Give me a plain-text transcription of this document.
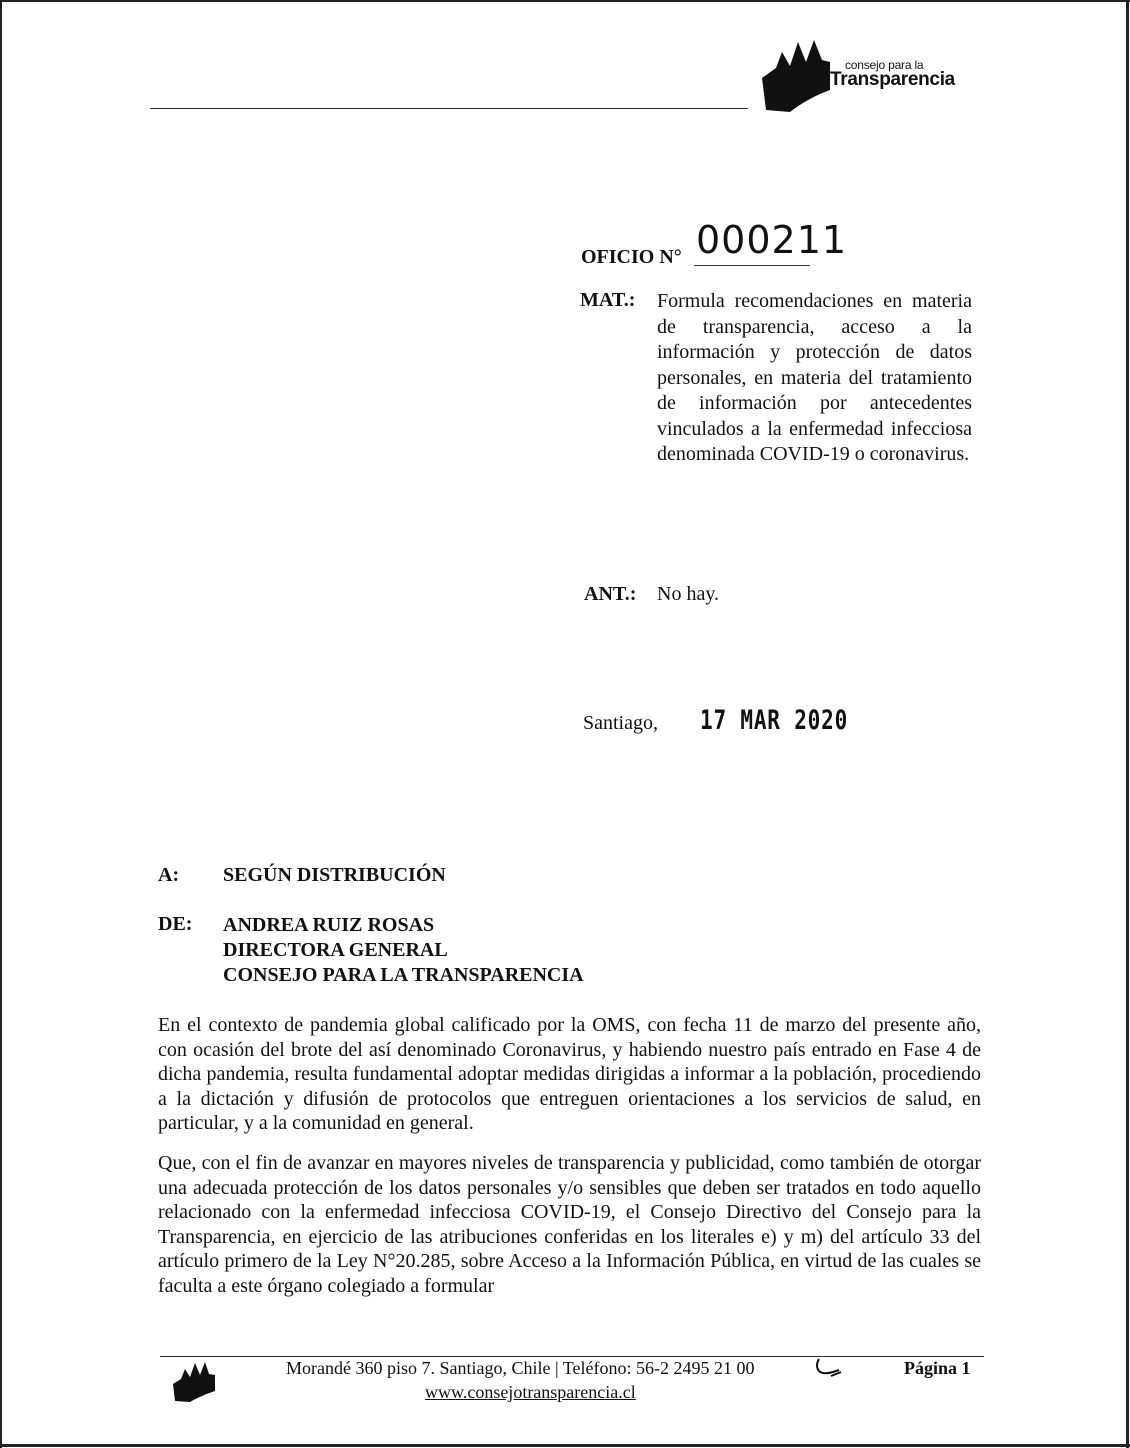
consejo para la
Transparencia
OFICIO N° 000211
MAT.: Formula recomendaciones en materia de transparencia, acceso a la información y protección de datos personales, en materia del tratamiento de información por antecedentes vinculados a la enfermedad infecciosa denominada COVID-19 o coronavirus.
ANT.: No hay.
Santiago, 17 MAR 2020
A: SEGÚN DISTRIBUCIÓN
DE: ANDREA RUIZ ROSAS
DIRECTORA GENERAL
CONSEJO PARA LA TRANSPARENCIA
En el contexto de pandemia global calificado por la OMS, con fecha 11 de marzo del presente año, con ocasión del brote del así denominado Coronavirus, y habiendo nuestro país entrado en Fase 4 de dicha pandemia, resulta fundamental adoptar medidas dirigidas a informar a la población, procediendo a la dictación y difusión de protocolos que entreguen orientaciones a los servicios de salud, en particular, y a la comunidad en general.
Que, con el fin de avanzar en mayores niveles de transparencia y publicidad, como también de otorgar una adecuada protección de los datos personales y/o sensibles que deben ser tratados en todo aquello relacionado con la enfermedad infecciosa COVID-19, el Consejo Directivo del Consejo para la Transparencia, en ejercicio de las atribuciones conferidas en los literales e) y m) del artículo 33 del artículo primero de la Ley N°20.285, sobre Acceso a la Información Pública, en virtud de las cuales se faculta a este órgano colegiado a formular
Morandé 360 piso 7. Santiago, Chile | Teléfono: 56-2 2495 21 00
www.consejotransparencia.cl
Página 1
